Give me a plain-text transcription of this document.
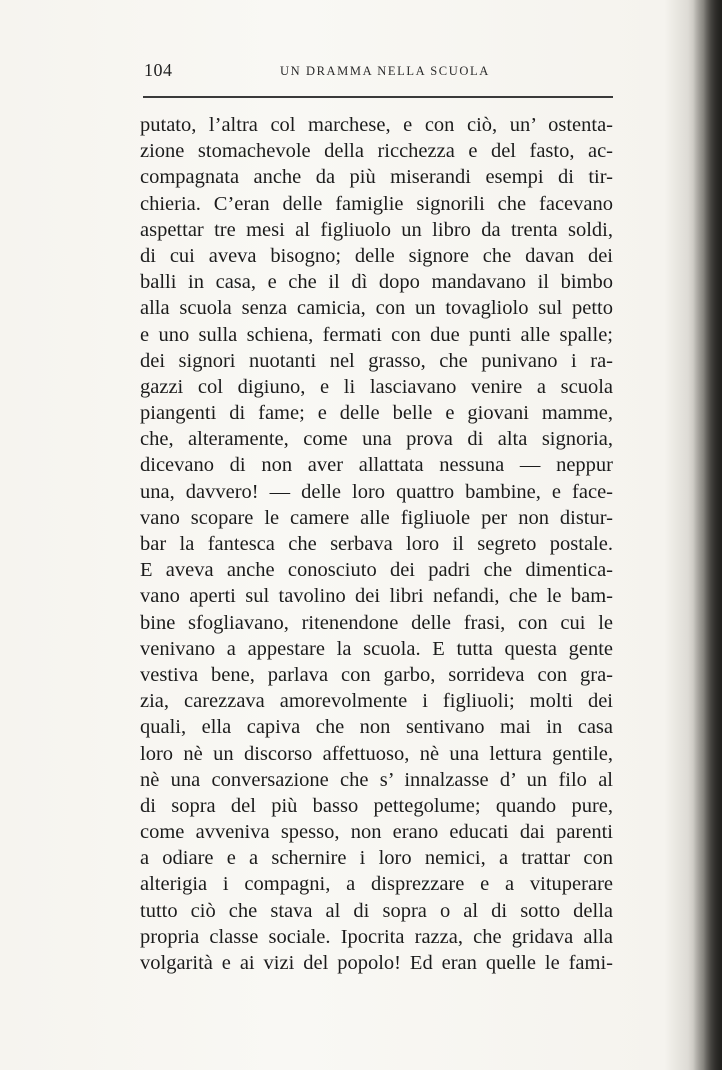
104	UN DRAMMA NELLA SCUOLA
putato, l’altra col marchese, e con ciò, un’ ostenta-
zione stomachevole della ricchezza e del fasto, ac-
compagnata anche da più miserandi esempi di tir-
chieria. C’eran delle famiglie signorili che facevano
aspettar tre mesi al figliuolo un libro da trenta soldi,
di cui aveva bisogno; delle signore che davan dei
balli in casa, e che il dì dopo mandavano il bimbo
alla scuola senza camicia, con un tovagliolo sul petto
e uno sulla schiena, fermati con due punti alle spalle;
dei signori nuotanti nel grasso, che punivano i ra-
gazzi col digiuno, e li lasciavano venire a scuola
piangenti di fame; e delle belle e giovani mamme,
che, alteramente, come una prova di alta signoria,
dicevano di non aver allattata nessuna — neppur
una, davvero! — delle loro quattro bambine, e face-
vano scopare le camere alle figliuole per non distur-
bar la fantesca che serbava loro il segreto postale.
E aveva anche conosciuto dei padri che dimentica-
vano aperti sul tavolino dei libri nefandi, che le bam-
bine sfogliavano, ritenendone delle frasi, con cui le
venivano a appestare la scuola. E tutta questa gente
vestiva bene, parlava con garbo, sorrideva con gra-
zia, carezzava amorevolmente i figliuoli; molti dei
quali, ella capiva che non sentivano mai in casa
loro nè un discorso affettuoso, nè una lettura gentile,
nè una conversazione che s’ innalzasse d’ un filo al
di sopra del più basso pettegolume; quando pure,
come avveniva spesso, non erano educati dai parenti
a odiare e a schernire i loro nemici, a trattar con
alterigia i compagni, a disprezzare e a vituperare
tutto ciò che stava al di sopra o al di sotto della
propria classe sociale. Ipocrita razza, che gridava alla
volgarità e ai vizi del popolo! Ed eran quelle le fami-
